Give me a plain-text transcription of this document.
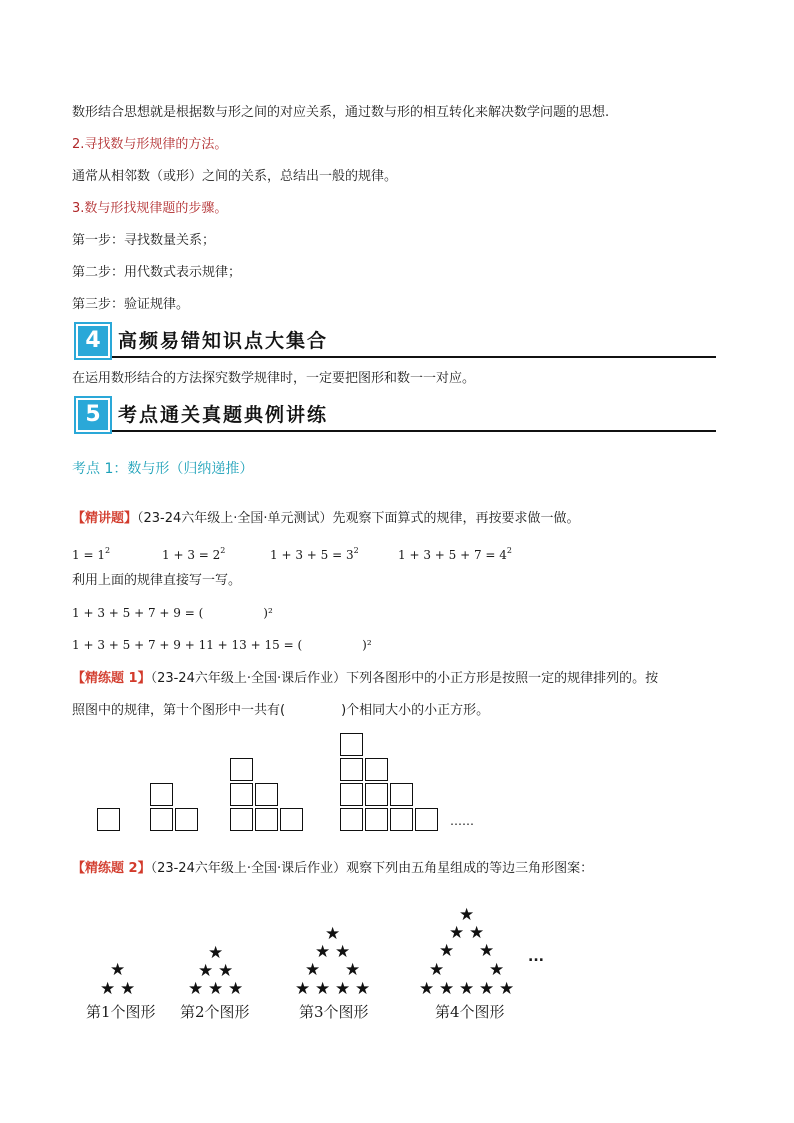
数形结合思想就是根据数与形之间的对应关系，通过数与形的相互转化来解决数学问题的思想.
2.寻找数与形规律的方法。
通常从相邻数（或形）之间的关系，总结出一般的规律。
3.数与形找规律题的步骤。
第一步：寻找数量关系；
第二步：用代数式表示规律；
第三步：验证规律。
4 高频易错知识点大集合
在运用数形结合的方法探究数学规律时，一定要把图形和数一一对应。
5 考点通关真题典例讲练
考点 1：数与形（归纳递推）
【精讲题】（23-24六年级上·全国·单元测试）先观察下面算式的规律，再按要求做一做。
$1 = 1^2$	$1 + 3 = 2^2$	$1 + 3 + 5 = 3^2$	$1 + 3 + 5 + 7 = 4^2$
利用上面的规律直接写一写。
1 + 3 + 5 + 7 + 9 = (	)²
1 + 3 + 5 + 7 + 9 + 11 + 13 + 15 = (	)²
【精练题 1】（23-24六年级上·全国·课后作业）下列各图形中的小正方形是按照一定的规律排列的。按
照图中的规律，第十个图形中一共有(	)个相同大小的小正方形。
……
【精练题 2】（23-24六年级上·全国·课后作业）观察下列由五角星组成的等边三角形图案：
★
★ ★
★
★ ★
★ ★ ★
★
★ ★
★ ★
★ ★ ★ ★
★
★ ★
★ ★
★	★
★ ★ ★ ★ ★
...
第1个图形 第2个图形	第3个图形	第4个图形
